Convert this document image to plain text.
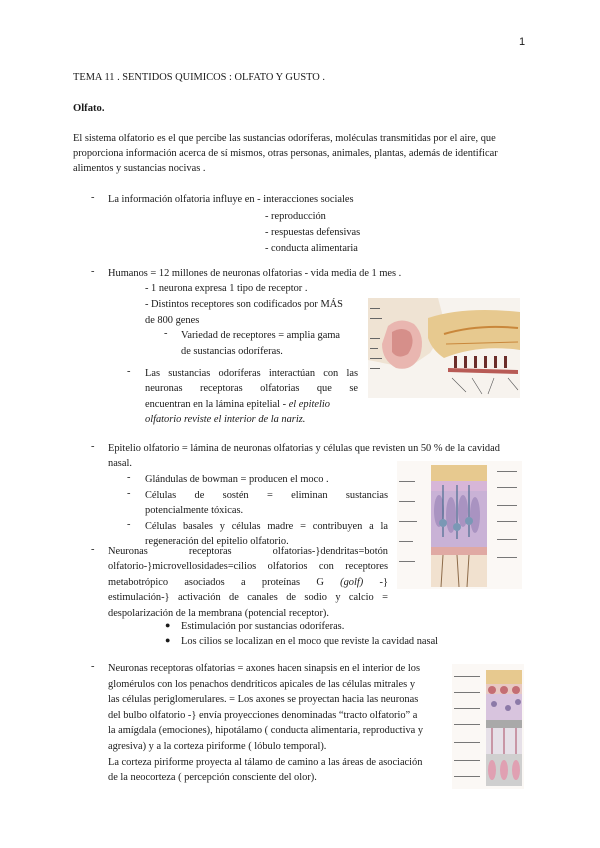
1
TEMA 11 . SENTIDOS QUIMICOS : OLFATO Y GUSTO .
Olfato.
El sistema olfatorio es el que percibe las sustancias odoríferas, moléculas transmitidas por el aire, que
proporciona información acerca de sí mismos, otras personas, animales, plantas, además de identificar
alimentos y sustancias nocivas .
- La información olfatoria influye en - interacciones sociales
- reproducción
- respuestas defensivas
- conducta alimentaria
- Humanos = 12 millones de neuronas olfatorias - vida media de 1 mes .
- 1 neurona expresa 1 tipo de receptor .
- Distintos receptores son codificados por MÁS
de 800 genes
- Variedad de receptores = amplia gama
de sustancias odoríferas.
- Las sustancias odoríferas interactúan con las
neuronas receptoras olfatorias que se
encuentran en la lámina epitelial - el epitelio
olfatorio reviste el interior de la nariz.
- Epitelio olfatorio = lámina de neuronas olfatorias y células que revisten un 50 % de la cavidad
nasal.
- Glándulas de bowman = producen el moco .
- Células de sostén = eliminan sustancias
potencialmente tóxicas.
- Células basales y células madre = contribuyen a la
regeneración del epitelio olfatorio.
- Neuronas receptoras olfatorias-}dendritas=botón
olfatorio-}microvellosidades=cilios olfatorios con receptores
metabotrópico asociados a proteínas G (golf) -}
estimulación-} activación de canales de sodio y calcio =
despolarización de la membrana (potencial receptor).
● Estimulación por sustancias odoríferas.
● Los cilios se localizan en el moco que reviste la cavidad nasal
- Neuronas receptoras olfatorias = axones hacen sinapsis en el interior de los
glomérulos con los penachos dendríticos apicales de las células mitrales y
las células periglomerulares. = Los axones se proyectan hacia las neuronas
del bulbo olfatorio -} envía proyecciones denominadas “tracto olfatorio” a
la amígdala (emociones), hipotálamo ( conducta alimentaria, reproductiva y
agresiva) y a la corteza piriforme ( lóbulo temporal).
La corteza piriforme proyecta al tálamo de camino a las áreas de asociación
de la neocorteza ( percepción consciente del olor).
